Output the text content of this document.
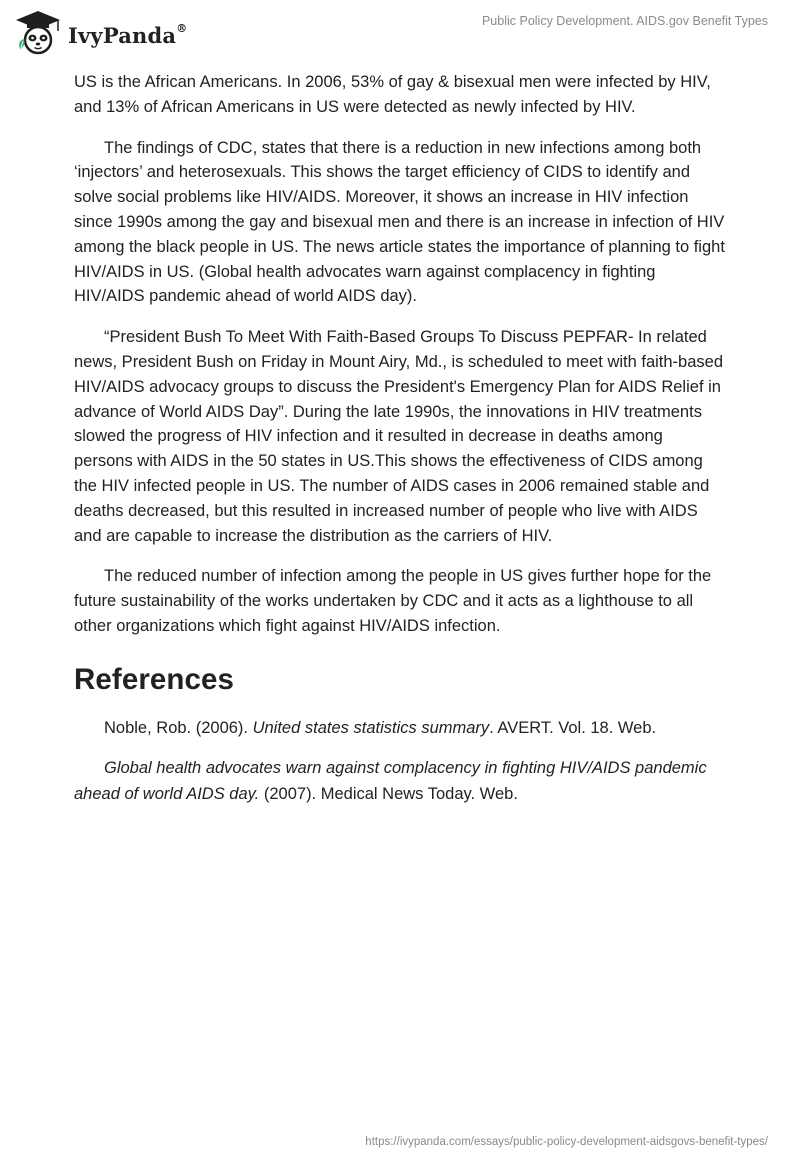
IvyPanda®	Public Policy Development. AIDS.gov Benefit Types

US is the African Americans. In 2006, 53% of gay & bisexual men were infected by HIV, and 13% of African Americans in US were detected as newly infected by HIV.

The findings of CDC, states that there is a reduction in new infections among both ‘injectors’ and heterosexuals. This shows the target efficiency of CIDS to identify and solve social problems like HIV/AIDS. Moreover, it shows an increase in HIV infection since 1990s among the gay and bisexual men and there is an increase in infection of HIV among the black people in US. The news article states the importance of planning to fight HIV/AIDS in US. (Global health advocates warn against complacency in fighting HIV/AIDS pandemic ahead of world AIDS day).

“President Bush To Meet With Faith-Based Groups To Discuss PEPFAR- In related news, President Bush on Friday in Mount Airy, Md., is scheduled to meet with faith-based HIV/AIDS advocacy groups to discuss the President's Emergency Plan for AIDS Relief in advance of World AIDS Day”. During the late 1990s, the innovations in HIV treatments slowed the progress of HIV infection and it resulted in decrease in deaths among persons with AIDS in the 50 states in US.This shows the effectiveness of CIDS among the HIV infected people in US. The number of AIDS cases in 2006 remained stable and deaths decreased, but this resulted in increased number of people who live with AIDS and are capable to increase the distribution as the carriers of HIV.

The reduced number of infection among the people in US gives further hope for the future sustainability of the works undertaken by CDC and it acts as a lighthouse to all other organizations which fight against HIV/AIDS infection.

References

Noble, Rob. (2006). United states statistics summary. AVERT. Vol. 18. Web.

Global health advocates warn against complacency in fighting HIV/AIDS pandemic ahead of world AIDS day. (2007). Medical News Today. Web.

https://ivypanda.com/essays/public-policy-development-aidsgovs-benefit-types/
